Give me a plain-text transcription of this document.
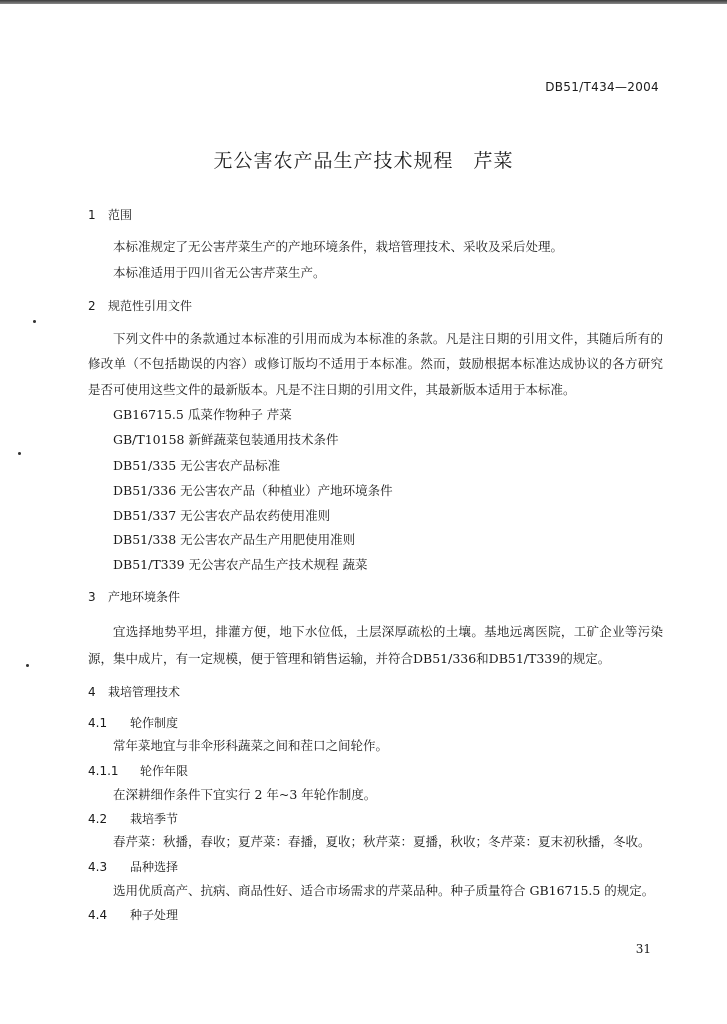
DB51/T434—2004
无公害农产品生产技术规程　芹菜
1 范围
本标准规定了无公害芹菜生产的产地环境条件，栽培管理技术、采收及采后处理。
本标准适用于四川省无公害芹菜生产。
2 规范性引用文件
下列文件中的条款通过本标准的引用而成为本标准的条款。凡是注日期的引用文件，其随后所有的
修改单（不包括勘误的内容）或修订版均不适用于本标准。然而，鼓励根据本标准达成协议的各方研究
是否可使用这些文件的最新版本。凡是不注日期的引用文件，其最新版本适用于本标准。
GB16715.5 瓜菜作物种子 芹菜
GB/T10158 新鲜蔬菜包装通用技术条件
DB51/335 无公害农产品标准
DB51/336 无公害农产品（种植业）产地环境条件
DB51/337 无公害农产品农药使用准则
DB51/338 无公害农产品生产用肥使用准则
DB51/T339 无公害农产品生产技术规程 蔬菜
3 产地环境条件
宜选择地势平坦，排灌方便，地下水位低，土层深厚疏松的土壤。基地远离医院，工矿企业等污染
源，集中成片，有一定规模，便于管理和销售运输，并符合DB51/336和DB51/T339的规定。
4 栽培管理技术
4.1 轮作制度
常年菜地宜与非伞形科蔬菜之间和茬口之间轮作。
4.1.1 轮作年限
在深耕细作条件下宜实行 2 年~3 年轮作制度。
4.2 栽培季节
春芹菜：秋播，春收；夏芹菜：春播，夏收；秋芹菜：夏播，秋收；冬芹菜：夏末初秋播，冬收。
4.3 品种选择
选用优质高产、抗病、商品性好、适合市场需求的芹菜品种。种子质量符合 GB16715.5 的规定。
4.4 种子处理
31
